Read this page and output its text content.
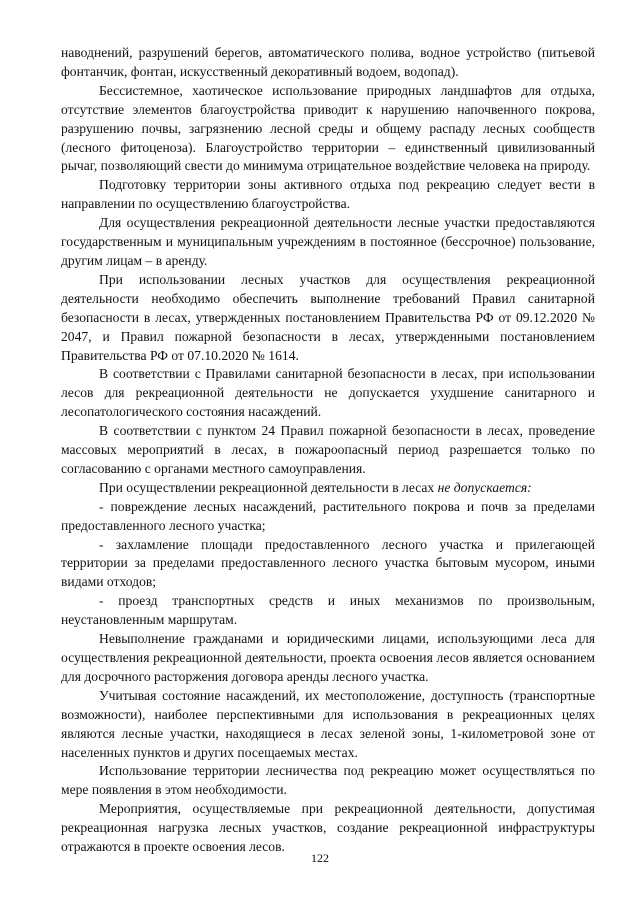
наводнений, разрушений берегов, автоматического полива, водное устройство (питьевой фонтанчик, фонтан, искусственный декоративный водоем, водопад).

Бессистемное, хаотическое использование природных ландшафтов для отдыха, отсутствие элементов благоустройства приводит к нарушению напочвенного покрова, разрушению почвы, загрязнению лесной среды и общему распаду лесных сообществ (лесного фитоценоза). Благоустройство территории – единственный цивилизованный рычаг, позволяющий свести до минимума отрицательное воздействие человека на природу.

Подготовку территории зоны активного отдыха под рекреацию следует вести в направлении по осуществлению благоустройства.

Для осуществления рекреационной деятельности лесные участки предоставляются государственным и муниципальным учреждениям в постоянное (бессрочное) пользование, другим лицам – в аренду.

При использовании лесных участков для осуществления рекреационной деятельности необходимо обеспечить выполнение требований Правил санитарной безопасности в лесах, утвержденных постановлением Правительства РФ от 09.12.2020 № 2047, и Правил пожарной безопасности в лесах, утвержденными постановлением Правительства РФ от 07.10.2020 № 1614.

В соответствии с Правилами санитарной безопасности в лесах, при использовании лесов для рекреационной деятельности не допускается ухудшение санитарного и лесопатологического состояния насаждений.

В соответствии с пунктом 24 Правил пожарной безопасности в лесах, проведение массовых мероприятий в лесах, в пожароопасный период разрешается только по согласованию с органами местного самоуправления.

При осуществлении рекреационной деятельности в лесах не допускается:

- повреждение лесных насаждений, растительного покрова и почв за пределами предоставленного лесного участка;

- захламление площади предоставленного лесного участка и прилегающей территории за пределами предоставленного лесного участка бытовым мусором, иными видами отходов;

- проезд транспортных средств и иных механизмов по произвольным, неустановленным маршрутам.

Невыполнение гражданами и юридическими лицами, использующими леса для осуществления рекреационной деятельности, проекта освоения лесов является основанием для досрочного расторжения договора аренды лесного участка.

Учитывая состояние насаждений, их местоположение, доступность (транспортные возможности), наиболее перспективными для использования в рекреационных целях являются лесные участки, находящиеся в лесах зеленой зоны, 1-километровой зоне от населенных пунктов и других посещаемых местах.

Использование территории лесничества под рекреацию может осуществляться по мере появления в этом необходимости.

Мероприятия, осуществляемые при рекреационной деятельности, допустимая рекреационная нагрузка лесных участков, создание рекреационной инфраструктуры отражаются в проекте освоения лесов.

122
